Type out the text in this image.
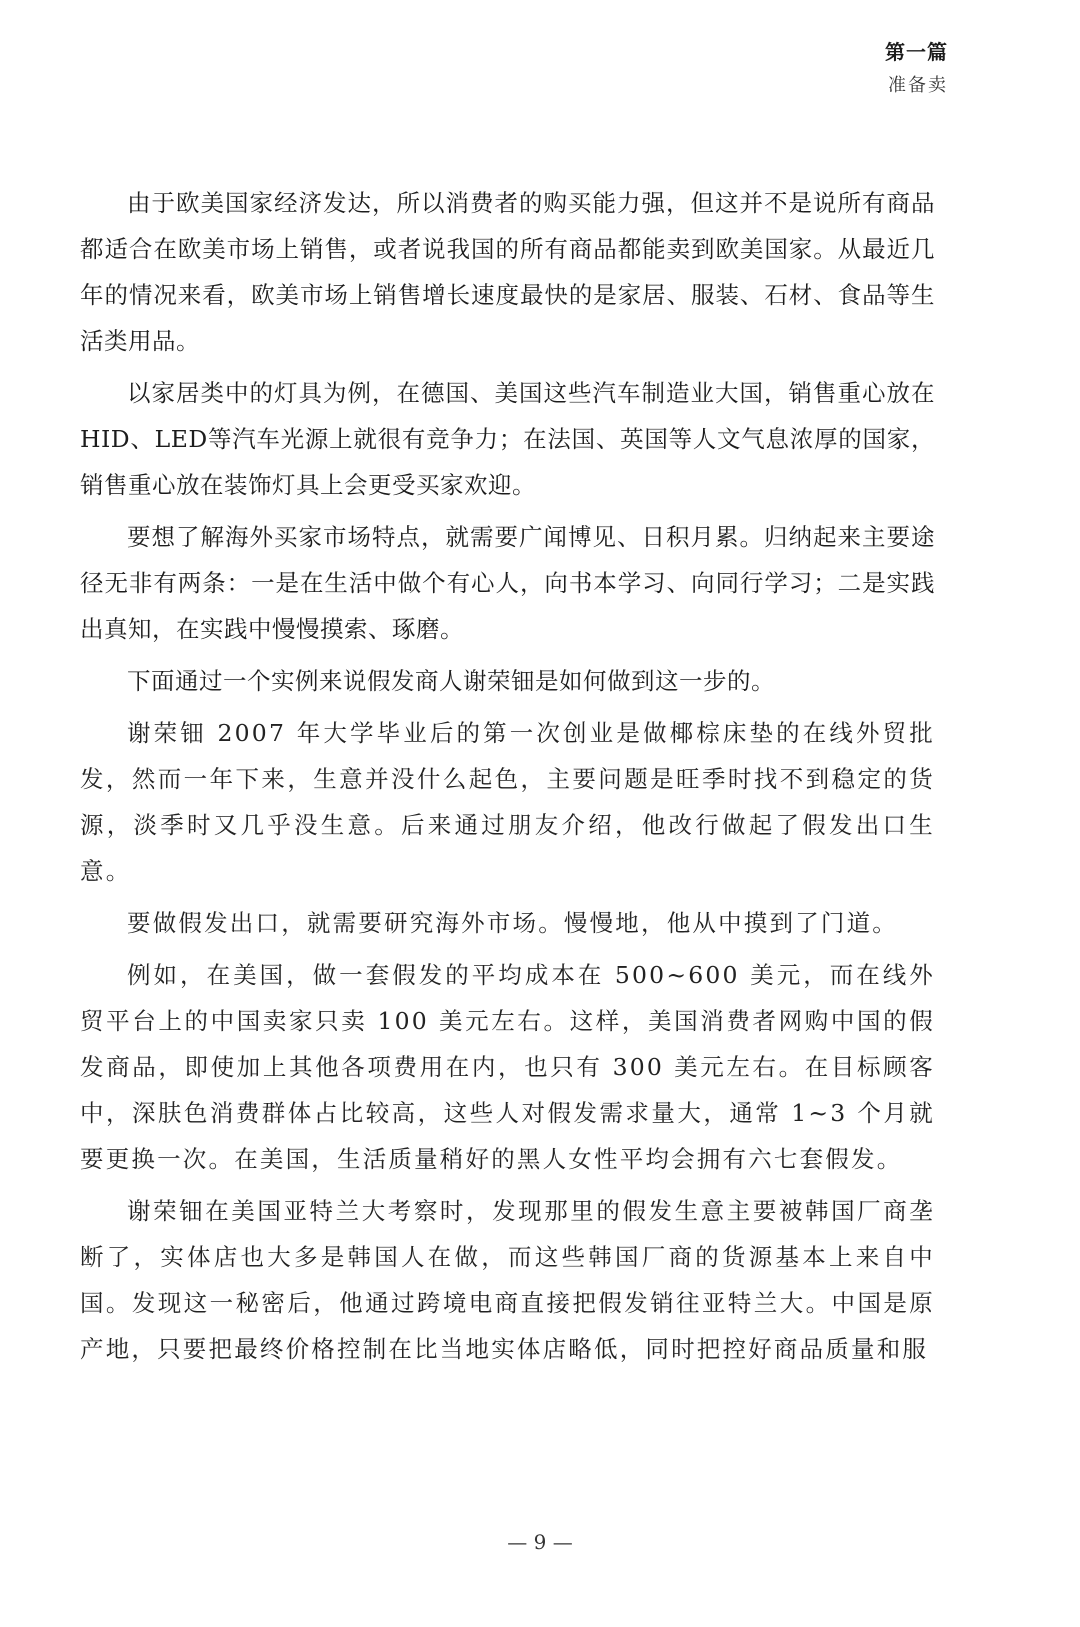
第一篇
准备卖

由于欧美国家经济发达，所以消费者的购买能力强，但这并不是说所有商品都适合在欧美市场上销售，或者说我国的所有商品都能卖到欧美国家。从最近几年的情况来看，欧美市场上销售增长速度最快的是家居、服装、石材、食品等生活类用品。

以家居类中的灯具为例，在德国、美国这些汽车制造业大国，销售重心放在HID、LED等汽车光源上就很有竞争力；在法国、英国等人文气息浓厚的国家，销售重心放在装饰灯具上会更受买家欢迎。

要想了解海外买家市场特点，就需要广闻博见、日积月累。归纳起来主要途径无非有两条：一是在生活中做个有心人，向书本学习、向同行学习；二是实践出真知，在实践中慢慢摸索、琢磨。

下面通过一个实例来说假发商人谢荣钿是如何做到这一步的。

谢荣钿 2007 年大学毕业后的第一次创业是做椰棕床垫的在线外贸批发，然而一年下来，生意并没什么起色，主要问题是旺季时找不到稳定的货源，淡季时又几乎没生意。后来通过朋友介绍，他改行做起了假发出口生意。

要做假发出口，就需要研究海外市场。慢慢地，他从中摸到了门道。

例如，在美国，做一套假发的平均成本在 500~600 美元，而在线外贸平台上的中国卖家只卖 100 美元左右。这样，美国消费者网购中国的假发商品，即使加上其他各项费用在内，也只有 300 美元左右。在目标顾客中，深肤色消费群体占比较高，这些人对假发需求量大，通常 1~3 个月就要更换一次。在美国，生活质量稍好的黑人女性平均会拥有六七套假发。

谢荣钿在美国亚特兰大考察时，发现那里的假发生意主要被韩国厂商垄断了，实体店也大多是韩国人在做，而这些韩国厂商的货源基本上来自中国。发现这一秘密后，他通过跨境电商直接把假发销往亚特兰大。中国是原产地，只要把最终价格控制在比当地实体店略低，同时把控好商品质量和服

— 9 —
